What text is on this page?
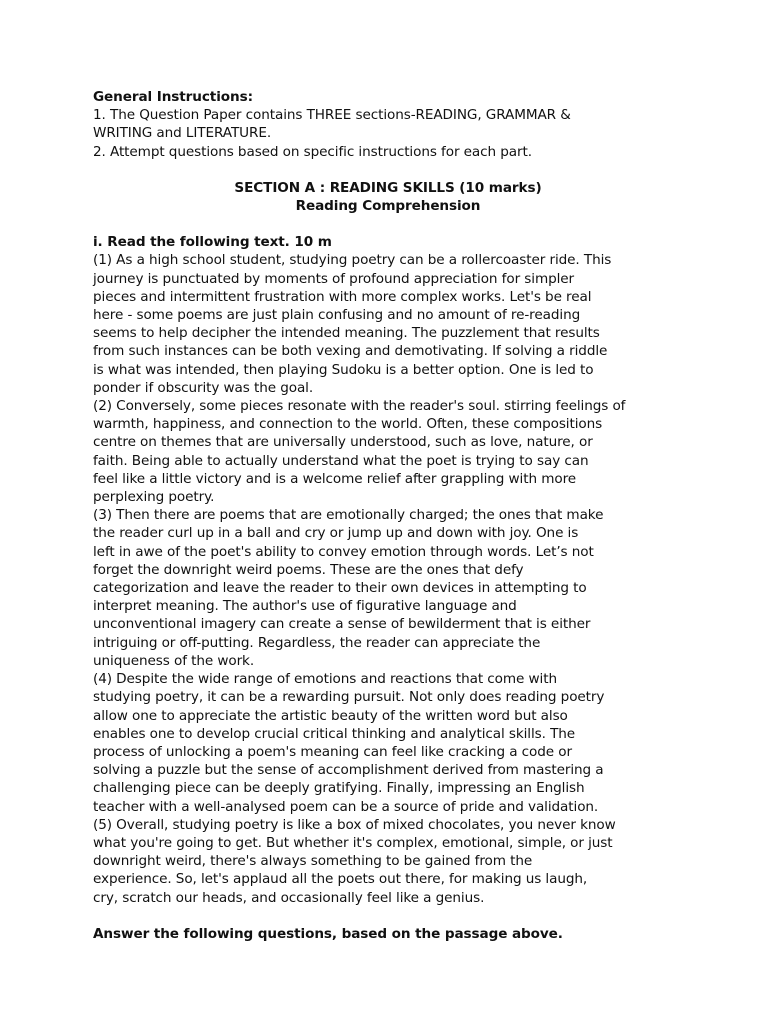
General Instructions:

1. The Question Paper contains THREE sections-READING, GRAMMAR &
WRITING and LITERATURE.

2. Attempt questions based on specific instructions for each part.

SECTION A : READING SKILLS (10 marks)

Reading Comprehension

i. Read the following text. 10 m

(1) As a high school student, studying poetry can be a rollercoaster ride. This
journey is punctuated by moments of profound appreciation for simpler
pieces and intermittent frustration with more complex works. Let's be real
here - some poems are just plain confusing and no amount of re-reading
seems to help decipher the intended meaning. The puzzlement that results
from such instances can be both vexing and demotivating. If solving a riddle
is what was intended, then playing Sudoku is a better option. One is led to
ponder if obscurity was the goal.
(2) Conversely, some pieces resonate with the reader's soul. stirring feelings of
warmth, happiness, and connection to the world. Often, these compositions
centre on themes that are universally understood, such as love, nature, or
faith. Being able to actually understand what the poet is trying to say can
feel like a little victory and is a welcome relief after grappling with more
perplexing poetry.
(3) Then there are poems that are emotionally charged; the ones that make
the reader curl up in a ball and cry or jump up and down with joy. One is
left in awe of the poet's ability to convey emotion through words. Let’s not
forget the downright weird poems. These are the ones that defy
categorization and leave the reader to their own devices in attempting to
interpret meaning. The author's use of figurative language and
unconventional imagery can create a sense of bewilderment that is either
intriguing or off-putting. Regardless, the reader can appreciate the
uniqueness of the work.
(4) Despite the wide range of emotions and reactions that come with
studying poetry, it can be a rewarding pursuit. Not only does reading poetry
allow one to appreciate the artistic beauty of the written word but also
enables one to develop crucial critical thinking and analytical skills. The
process of unlocking a poem's meaning can feel like cracking a code or
solving a puzzle but the sense of accomplishment derived from mastering a
challenging piece can be deeply gratifying. Finally, impressing an English
teacher with a well-analysed poem can be a source of pride and validation.
(5) Overall, studying poetry is like a box of mixed chocolates, you never know
what you're going to get. But whether it's complex, emotional, simple, or just
downright weird, there's always something to be gained from the
experience. So, let's applaud all the poets out there, for making us laugh,
cry, scratch our heads, and occasionally feel like a genius.

Answer the following questions, based on the passage above.
